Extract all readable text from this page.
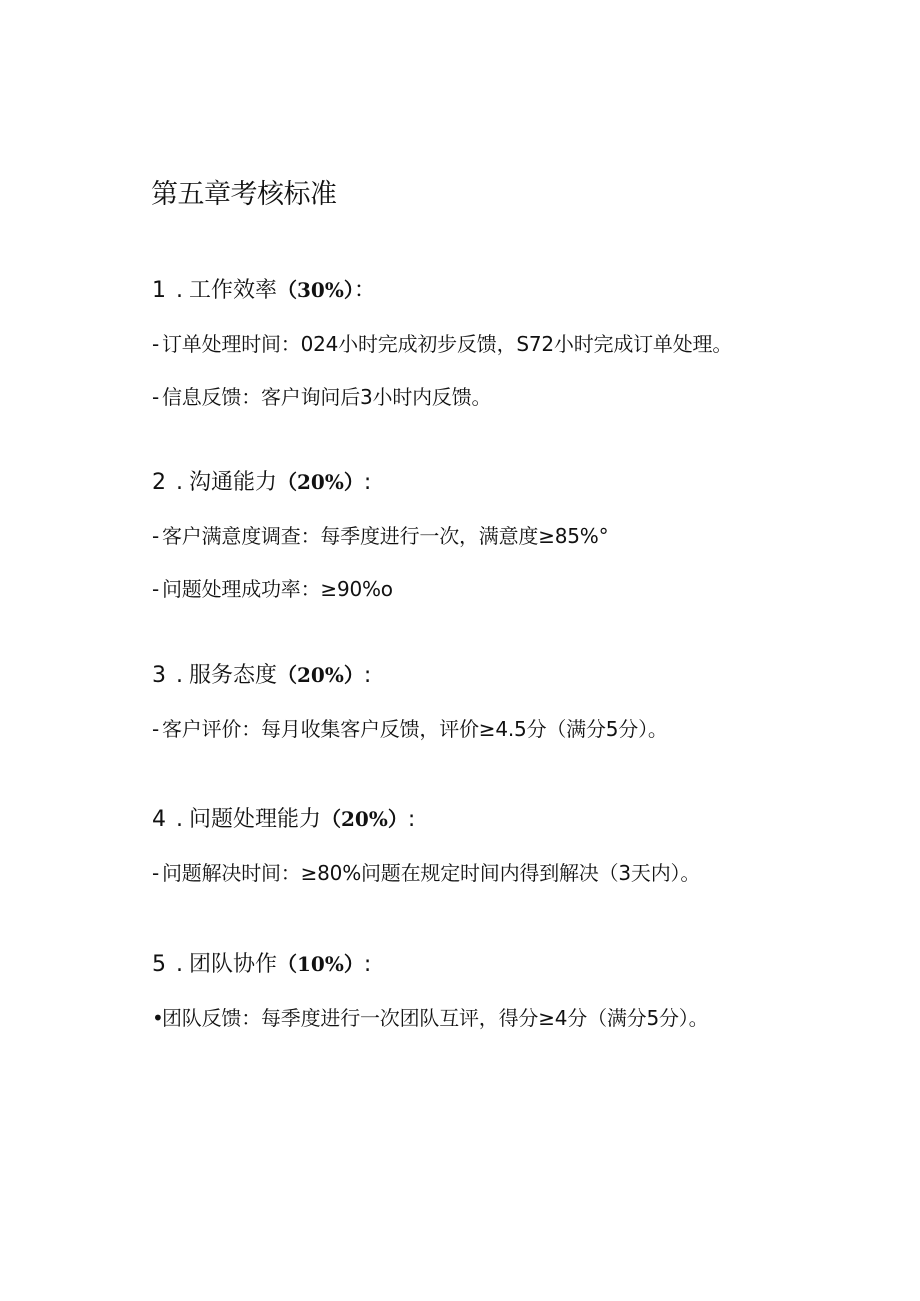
第五章考核标准
1 . 工作效率（30%）：
- 订单处理时间：024小时完成初步反馈，S72小时完成订单处理。
- 信息反馈：客户询问后3小时内反馈。
2 . 沟通能力（20%）:
- 客户满意度调查：每季度进行一次，满意度≥85%°
- 问题处理成功率：≥90%o
3 . 服务态度（20%）:
- 客户评价：每月收集客户反馈，评价≥4.5分（满分5分）。
4 . 问题处理能力（20%）:
- 问题解决时间：≥80%问题在规定时间内得到解决（3天内）。
5 . 团队协作（10%）:
•团队反馈：每季度进行一次团队互评，得分≥4分（满分5分）。
